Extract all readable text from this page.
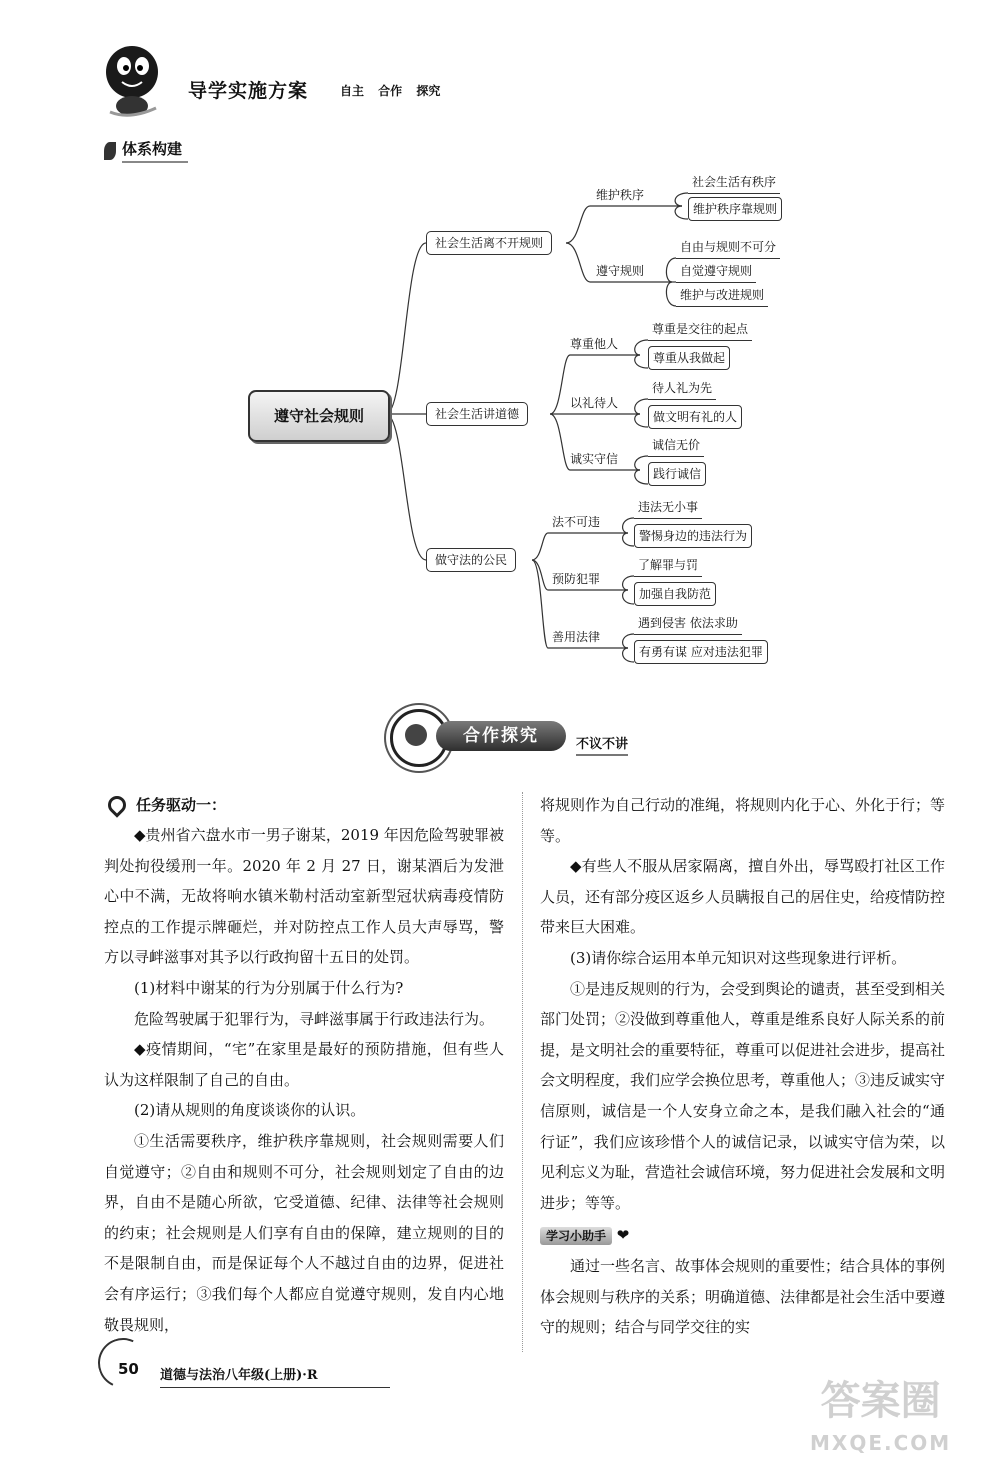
导学实施方案	自主 合作 探究
体系构建
遵守社会规则
社会生活离不开规则
维护秩序
遵守规则
社会生活有秩序
维护秩序靠规则
自由与规则不可分
自觉遵守规则
维护与改进规则
社会生活讲道德
尊重他人
以礼待人
诚实守信
尊重是交往的起点
尊重从我做起
待人礼为先
做文明有礼的人
诚信无价
践行诚信
做守法的公民
法不可违
预防犯罪
善用法律
违法无小事
警惕身边的违法行为
了解罪与罚
加强自我防范
遇到侵害 依法求助
有勇有谋 应对违法犯罪
合作探究	不议不讲
任务驱动一：

◆贵州省六盘水市一男子谢某，2019 年因危险驾驶罪被判处拘役缓刑一年。2020 年 2 月 27 日，谢某酒后为发泄心中不满，无故将响水镇米勒村活动室新型冠状病毒疫情防控点的工作提示牌砸烂，并对防控点工作人员大声辱骂，警方以寻衅滋事对其予以行政拘留十五日的处罚。

(1)材料中谢某的行为分别属于什么行为?

危险驾驶属于犯罪行为，寻衅滋事属于行政违法行为。

◆疫情期间，“宅”在家里是最好的预防措施，但有些人认为这样限制了自己的自由。

(2)请从规则的角度谈谈你的认识。

①生活需要秩序，维护秩序靠规则，社会规则需要人们自觉遵守；②自由和规则不可分，社会规则划定了自由的边界，自由不是随心所欲，它受道德、纪律、法律等社会规则的约束；社会规则是人们享有自由的保障，建立规则的目的不是限制自由，而是保证每个人不越过自由的边界，促进社会有序运行；③我们每个人都应自觉遵守规则，发自内心地敬畏规则，

将规则作为自己行动的准绳，将规则内化于心、外化于行；等等。

◆有些人不服从居家隔离，擅自外出，辱骂殴打社区工作人员，还有部分疫区返乡人员瞒报自己的居住史，给疫情防控带来巨大困难。

(3)请你综合运用本单元知识对这些现象进行评析。

①是违反规则的行为，会受到舆论的谴责，甚至受到相关部门处罚；②没做到尊重他人，尊重是维系良好人际关系的前提，是文明社会的重要特征，尊重可以促进社会进步，提高社会文明程度，我们应学会换位思考，尊重他人；③违反诚实守信原则，诚信是一个人安身立命之本，是我们融入社会的“通行证”，我们应该珍惜个人的诚信记录，以诚实守信为荣，以见利忘义为耻，营造社会诚信环境，努力促进社会发展和文明进步；等等。

学习小助手 ❤

通过一些名言、故事体会规则的重要性；结合具体的事例体会规则与秩序的关系；明确道德、法律都是社会生活中要遵守的规则；结合与同学交往的实

50 道德与法治八年级(上册)·R
答案圈
MXQE.COM
